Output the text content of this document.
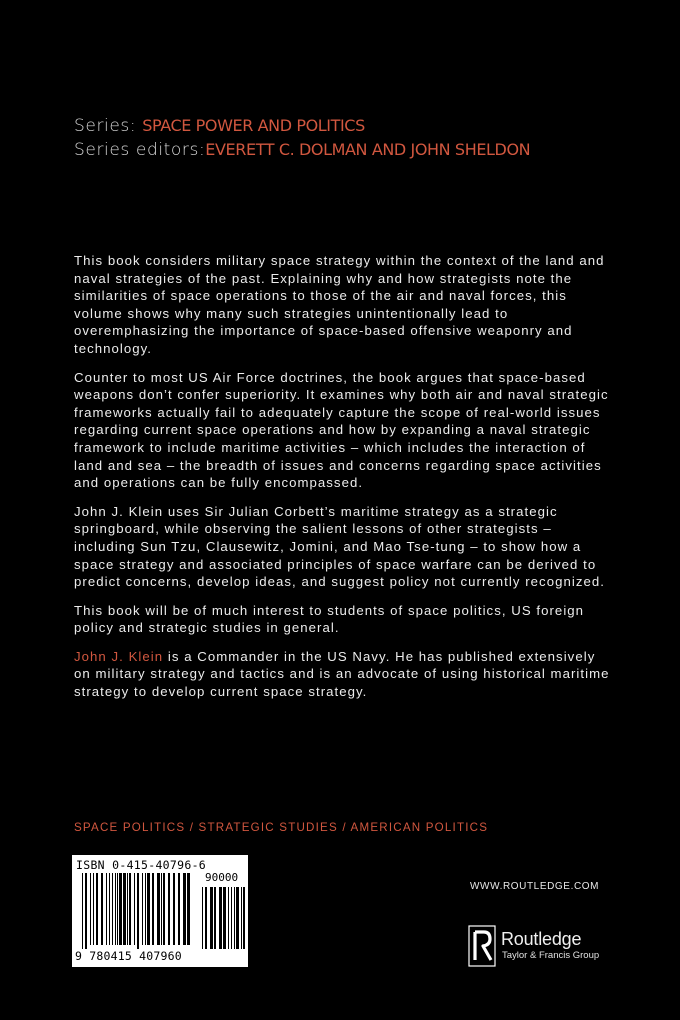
Series: SPACE POWER AND POLITICS
Series editors:EVERETT C. DOLMAN AND JOHN SHELDON

This book considers military space strategy within the context of the land and naval strategies of the past. Explaining why and how strategists note the similarities of space operations to those of the air and naval forces, this volume shows why many such strategies unintentionally lead to overemphasizing the importance of space-based offensive weaponry and technology.

Counter to most US Air Force doctrines, the book argues that space-based weapons don’t confer superiority. It examines why both air and naval strategic frameworks actually fail to adequately capture the scope of real-world issues regarding current space operations and how by expanding a naval strategic framework to include maritime activities – which includes the interaction of land and sea – the breadth of issues and concerns regarding space activities and operations can be fully encompassed.

John J. Klein uses Sir Julian Corbett’s maritime strategy as a strategic springboard, while observing the salient lessons of other strategists – including Sun Tzu, Clausewitz, Jomini, and Mao Tse-tung – to show how a space strategy and associated principles of space warfare can be derived to predict concerns, develop ideas, and suggest policy not currently recognized.

This book will be of much interest to students of space politics, US foreign policy and strategic studies in general.

John J. Klein is a Commander in the US Navy. He has published extensively on military strategy and tactics and is an advocate of using historical maritime strategy to develop current space strategy.

SPACE POLITICS / STRATEGIC STUDIES / AMERICAN POLITICS
ISBN 0-415-40796-6
90000
9 780415 407960
WWW.ROUTLEDGE.COM
Routledge
Taylor & Francis Group
